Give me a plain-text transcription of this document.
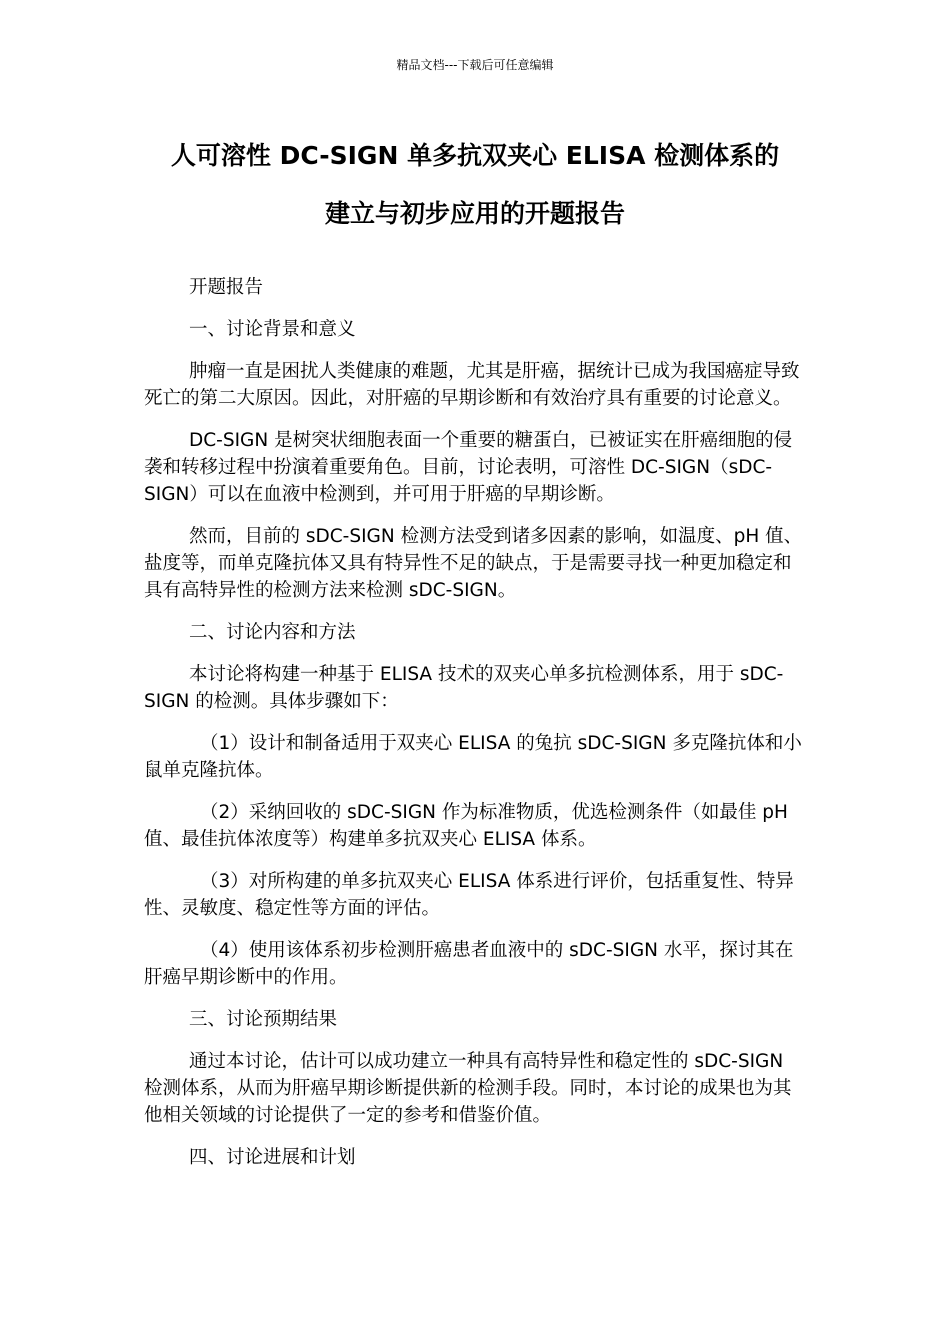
精品文档---下载后可任意编辑
人可溶性 DC-SIGN 单多抗双夹心 ELISA 检测体系的
建立与初步应用的开题报告

开题报告

一、讨论背景和意义

肿瘤一直是困扰人类健康的难题，尤其是肝癌，据统计已成为我国癌症导致死亡的第二大原因。因此，对肝癌的早期诊断和有效治疗具有重要的讨论意义。

DC-SIGN 是树突状细胞表面一个重要的糖蛋白，已被证实在肝癌细胞的侵袭和转移过程中扮演着重要角色。目前，讨论表明，可溶性 DC-SIGN（sDC-SIGN）可以在血液中检测到，并可用于肝癌的早期诊断。

然而，目前的 sDC-SIGN 检测方法受到诸多因素的影响，如温度、pH 值、盐度等，而单克隆抗体又具有特异性不足的缺点，于是需要寻找一种更加稳定和具有高特异性的检测方法来检测 sDC-SIGN。

二、讨论内容和方法

本讨论将构建一种基于 ELISA 技术的双夹心单多抗检测体系，用于 sDC-SIGN 的检测。具体步骤如下：

（1）设计和制备适用于双夹心 ELISA 的兔抗 sDC-SIGN 多克隆抗体和小鼠单克隆抗体。

（2）采纳回收的 sDC-SIGN 作为标准物质，优选检测条件（如最佳 pH 值、最佳抗体浓度等）构建单多抗双夹心 ELISA 体系。

（3）对所构建的单多抗双夹心 ELISA 体系进行评价，包括重复性、特异性、灵敏度、稳定性等方面的评估。

（4）使用该体系初步检测肝癌患者血液中的 sDC-SIGN 水平，探讨其在肝癌早期诊断中的作用。

三、讨论预期结果

通过本讨论，估计可以成功建立一种具有高特异性和稳定性的 sDC-SIGN 检测体系，从而为肝癌早期诊断提供新的检测手段。同时，本讨论的成果也为其他相关领域的讨论提供了一定的参考和借鉴价值。

四、讨论进展和计划
